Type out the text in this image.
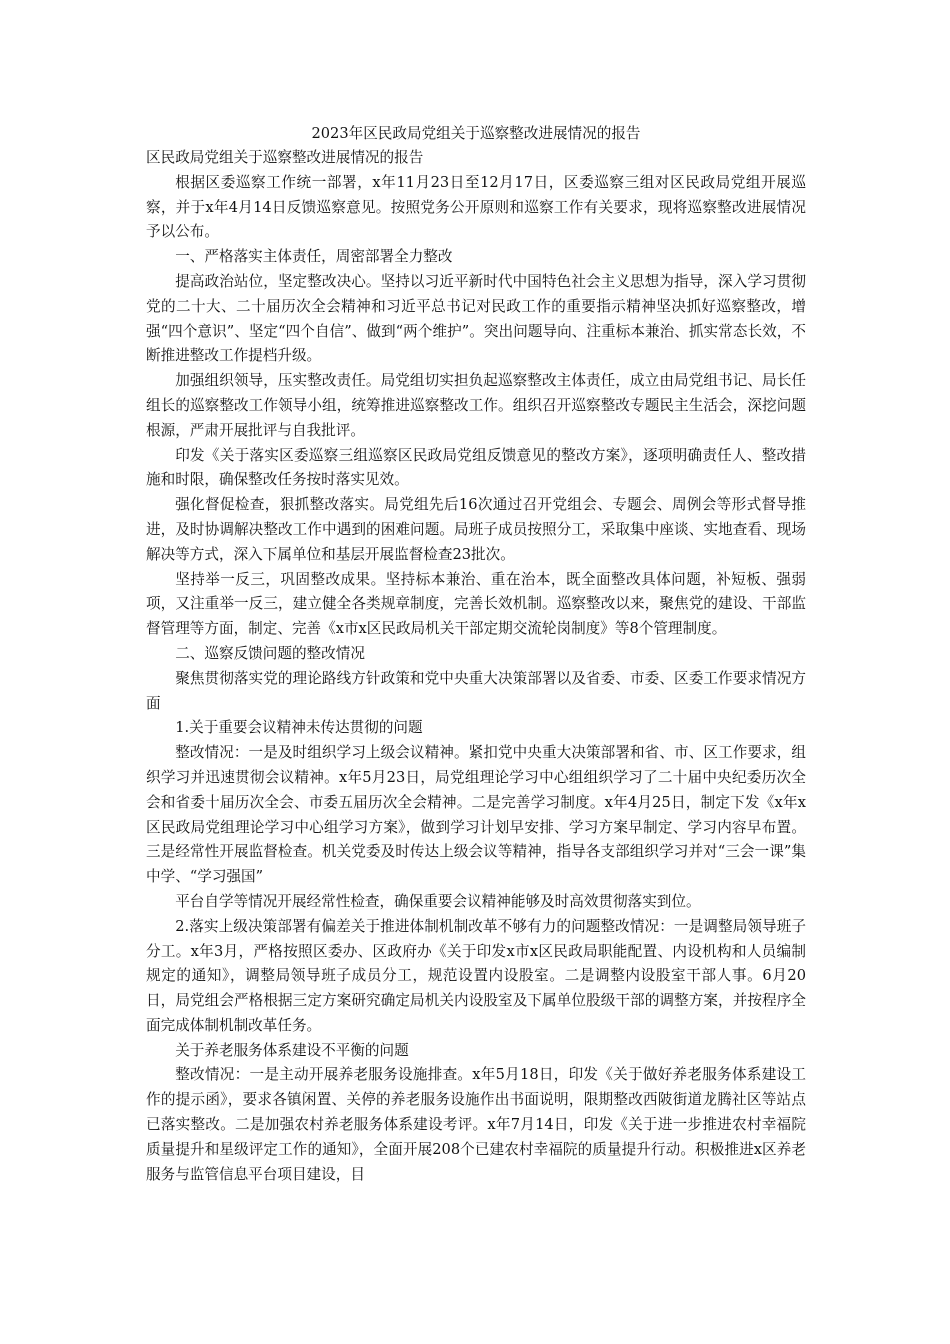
2023年区民政局党组关于巡察整改进展情况的报告

区民政局党组关于巡察整改进展情况的报告

根据区委巡察工作统一部署，x年11月23日至12月17日，区委巡察三组对区民政局党组开展巡察，并于x年4月14日反馈巡察意见。按照党务公开原则和巡察工作有关要求，现将巡察整改进展情况予以公布。

一、严格落实主体责任，周密部署全力整改

提高政治站位，坚定整改决心。坚持以习近平新时代中国特色社会主义思想为指导，深入学习贯彻党的二十大、二十届历次全会精神和习近平总书记对民政工作的重要指示精神坚决抓好巡察整改，增强“四个意识”、坚定“四个自信”、做到“两个维护”。突出问题导向、注重标本兼治、抓实常态长效，不断推进整改工作提档升级。

加强组织领导，压实整改责任。局党组切实担负起巡察整改主体责任，成立由局党组书记、局长任组长的巡察整改工作领导小组，统筹推进巡察整改工作。组织召开巡察整改专题民主生活会，深挖问题根源，严肃开展批评与自我批评。

印发《关于落实区委巡察三组巡察区民政局党组反馈意见的整改方案》，逐项明确责任人、整改措施和时限，确保整改任务按时落实见效。

强化督促检查，狠抓整改落实。局党组先后16次通过召开党组会、专题会、周例会等形式督导推进，及时协调解决整改工作中遇到的困难问题。局班子成员按照分工，采取集中座谈、实地查看、现场解决等方式，深入下属单位和基层开展监督检查23批次。

坚持举一反三，巩固整改成果。坚持标本兼治、重在治本，既全面整改具体问题，补短板、强弱项，又注重举一反三，建立健全各类规章制度，完善长效机制。巡察整改以来，聚焦党的建设、干部监督管理等方面，制定、完善《x市x区民政局机关干部定期交流轮岗制度》等8个管理制度。

二、巡察反馈问题的整改情况

聚焦贯彻落实党的理论路线方针政策和党中央重大决策部署以及省委、市委、区委工作要求情况方面

1.关于重要会议精神未传达贯彻的问题

整改情况：一是及时组织学习上级会议精神。紧扣党中央重大决策部署和省、市、区工作要求，组织学习并迅速贯彻会议精神。x年5月23日，局党组理论学习中心组组织学习了二十届中央纪委历次全会和省委十届历次全会、市委五届历次全会精神。二是完善学习制度。x年4月25日，制定下发《x年x区民政局党组理论学习中心组学习方案》，做到学习计划早安排、学习方案早制定、学习内容早布置。三是经常性开展监督检查。机关党委及时传达上级会议等精神，指导各支部组织学习并对“三会一课”集中学、“学习强国”

平台自学等情况开展经常性检查，确保重要会议精神能够及时高效贯彻落实到位。

2.落实上级决策部署有偏差关于推进体制机制改革不够有力的问题整改情况：一是调整局领导班子分工。x年3月，严格按照区委办、区政府办《关于印发x市x区民政局职能配置、内设机构和人员编制规定的通知》，调整局领导班子成员分工，规范设置内设股室。二是调整内设股室干部人事。6月20日，局党组会严格根据三定方案研究确定局机关内设股室及下属单位股级干部的调整方案，并按程序全面完成体制机制改革任务。

关于养老服务体系建设不平衡的问题

整改情况：一是主动开展养老服务设施排查。x年5月18日，印发《关于做好养老服务体系建设工作的提示函》，要求各镇闲置、关停的养老服务设施作出书面说明，限期整改西陂街道龙腾社区等站点已落实整改。二是加强农村养老服务体系建设考评。x年7月14日，印发《关于进一步推进农村幸福院质量提升和星级评定工作的通知》，全面开展208个已建农村幸福院的质量提升行动。积极推进x区养老服务与监管信息平台项目建设，目
